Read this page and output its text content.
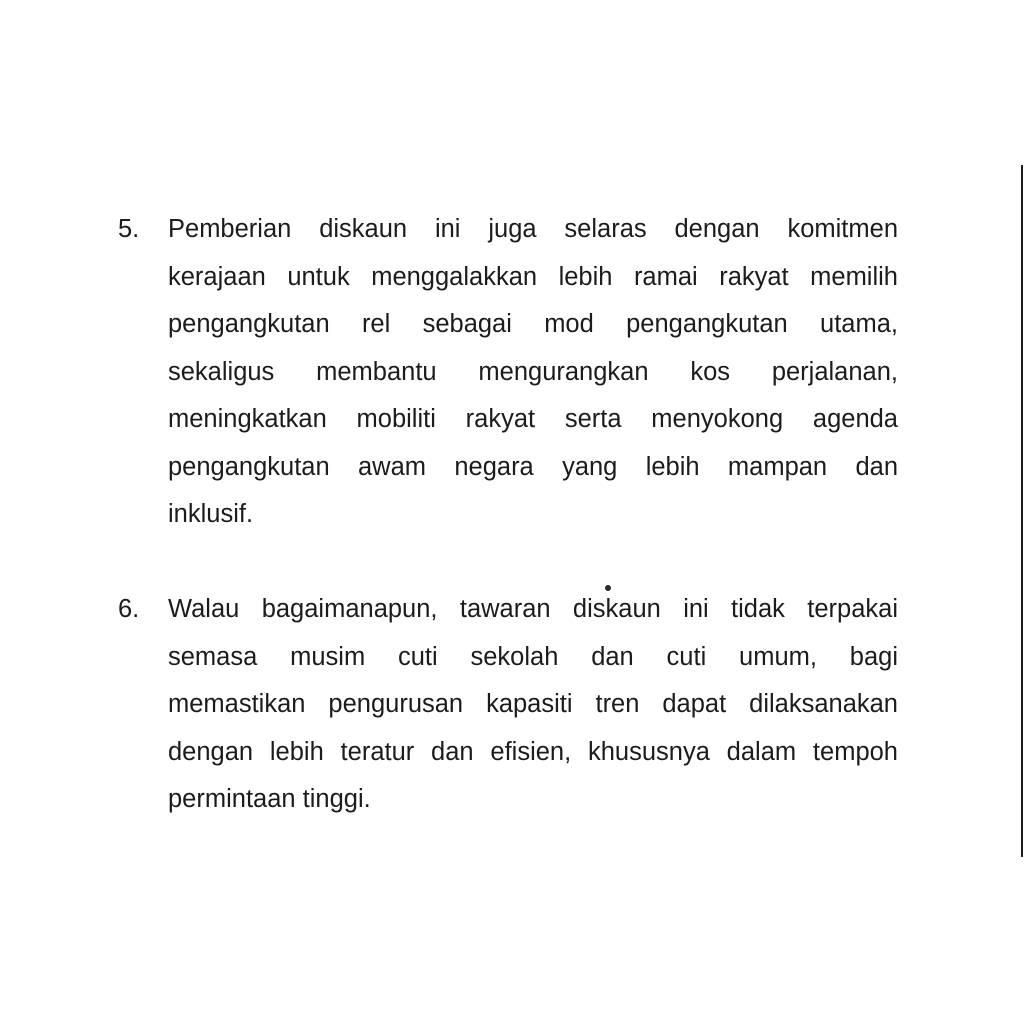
5.	Pemberian diskaun ini juga selaras dengan komitmen
kerajaan untuk menggalakkan lebih ramai rakyat memilih
pengangkutan rel sebagai mod pengangkutan utama,
sekaligus membantu mengurangkan kos perjalanan,
meningkatkan mobiliti rakyat serta menyokong agenda
pengangkutan awam negara yang lebih mampan dan
inklusif.
6.	Walau bagaimanapun, tawaran diskaun ini tidak terpakai
semasa musim cuti sekolah dan cuti umum, bagi
memastikan pengurusan kapasiti tren dapat dilaksanakan
dengan lebih teratur dan efisien, khususnya dalam tempoh
permintaan tinggi.
